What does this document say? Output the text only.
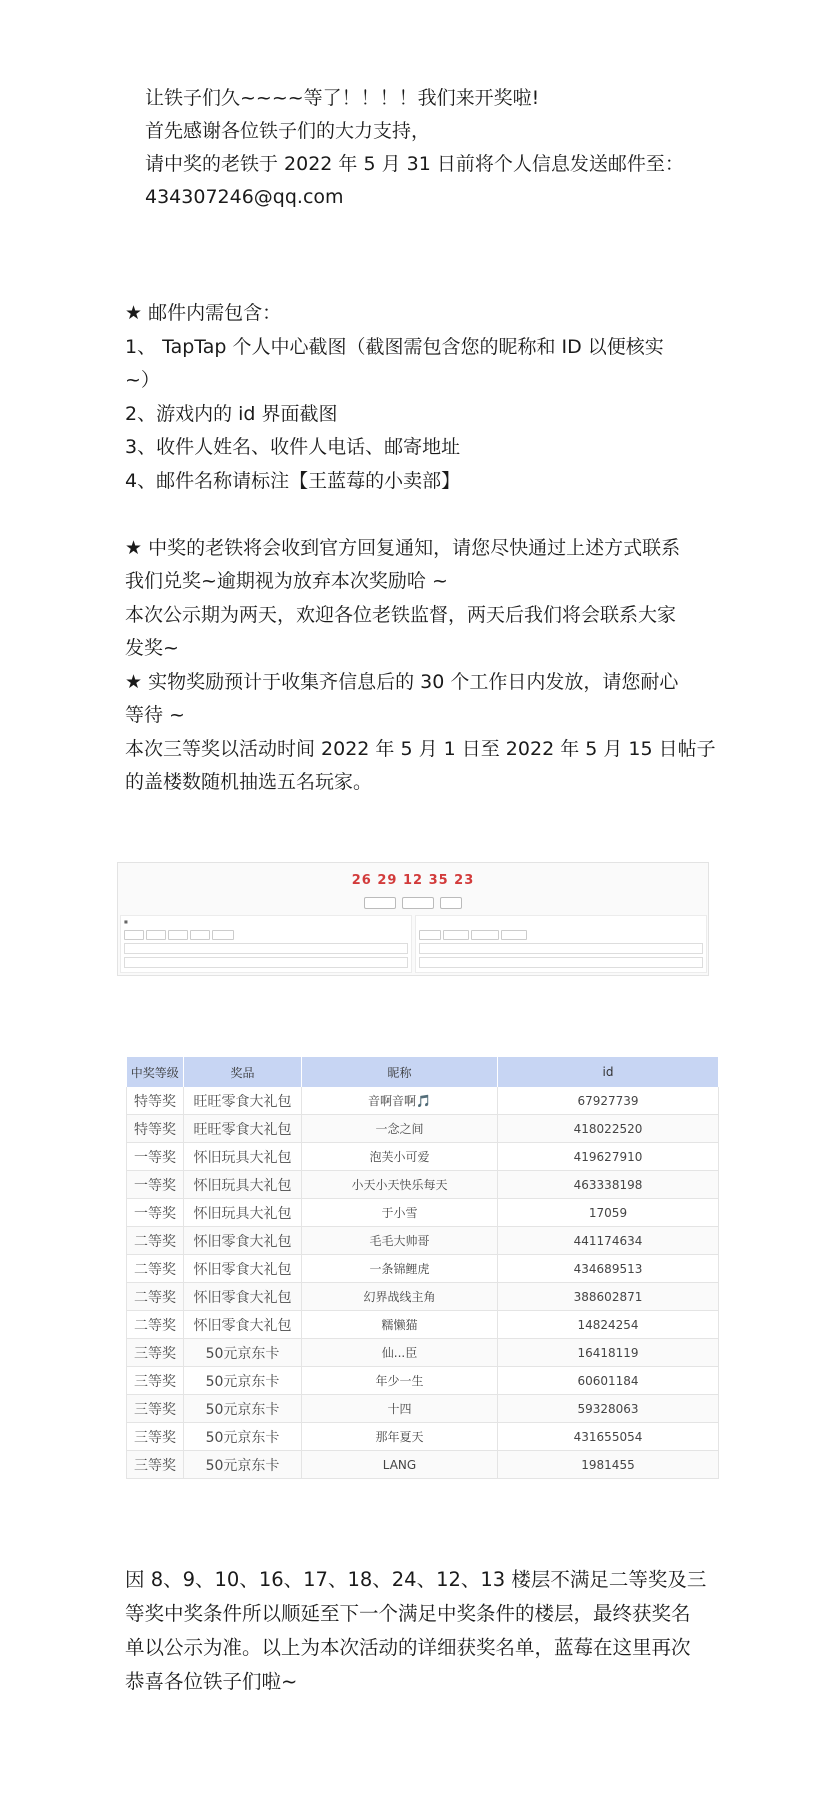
让铁子们久~~~~等了！！！！我们来开奖啦!
首先感谢各位铁子们的大力支持，
请中奖的老铁于 2022 年 5 月 31 日前将个人信息发送邮件至：
434307246@qq.com
★ 邮件内需包含：
1、 TapTap 个人中心截图（截图需包含您的昵称和 ID 以便核实
~）
2、游戏内的 id 界面截图
3、收件人姓名、收件人电话、邮寄地址
4、邮件名称请标注【王蓝莓的小卖部】
★ 中奖的老铁将会收到官方回复通知，请您尽快通过上述方式联系
我们兑奖~逾期视为放弃本次奖励哈 ~
本次公示期为两天，欢迎各位老铁监督，两天后我们将会联系大家
发奖~
★ 实物奖励预计于收集齐信息后的 30 个工作日内发放，请您耐心
等待 ~
本次三等奖以活动时间 2022 年 5 月 1 日至 2022 年 5 月 15 日帖子
的盖楼数随机抽选五名玩家。
26 29 12 35 23

■

中奖等级	奖品	昵称	id
特等奖	旺旺零食大礼包	音啊音啊🎵	67927739
特等奖	旺旺零食大礼包	一念之间	418022520
一等奖	怀旧玩具大礼包	泡芙小可爱	419627910
一等奖	怀旧玩具大礼包	小天小天快乐每天	463338198
一等奖	怀旧玩具大礼包	于小雪	17059
二等奖	怀旧零食大礼包	毛毛大帅哥	441174634
二等奖	怀旧零食大礼包	一条锦鲤虎	434689513
二等奖	怀旧零食大礼包	幻界战线主角	388602871
二等奖	怀旧零食大礼包	糯懒猫	14824254
三等奖	50元京东卡	仙...臣	16418119
三等奖	50元京东卡	年少一生	60601184
三等奖	50元京东卡	十四	59328063
三等奖	50元京东卡	那年夏天	431655054
三等奖	50元京东卡	LANG	1981455
因 8、9、10、16、17、18、24、12、13 楼层不满足二等奖及三
等奖中奖条件所以顺延至下一个满足中奖条件的楼层，最终获奖名
单以公示为准。以上为本次活动的详细获奖名单，蓝莓在这里再次
恭喜各位铁子们啦~
